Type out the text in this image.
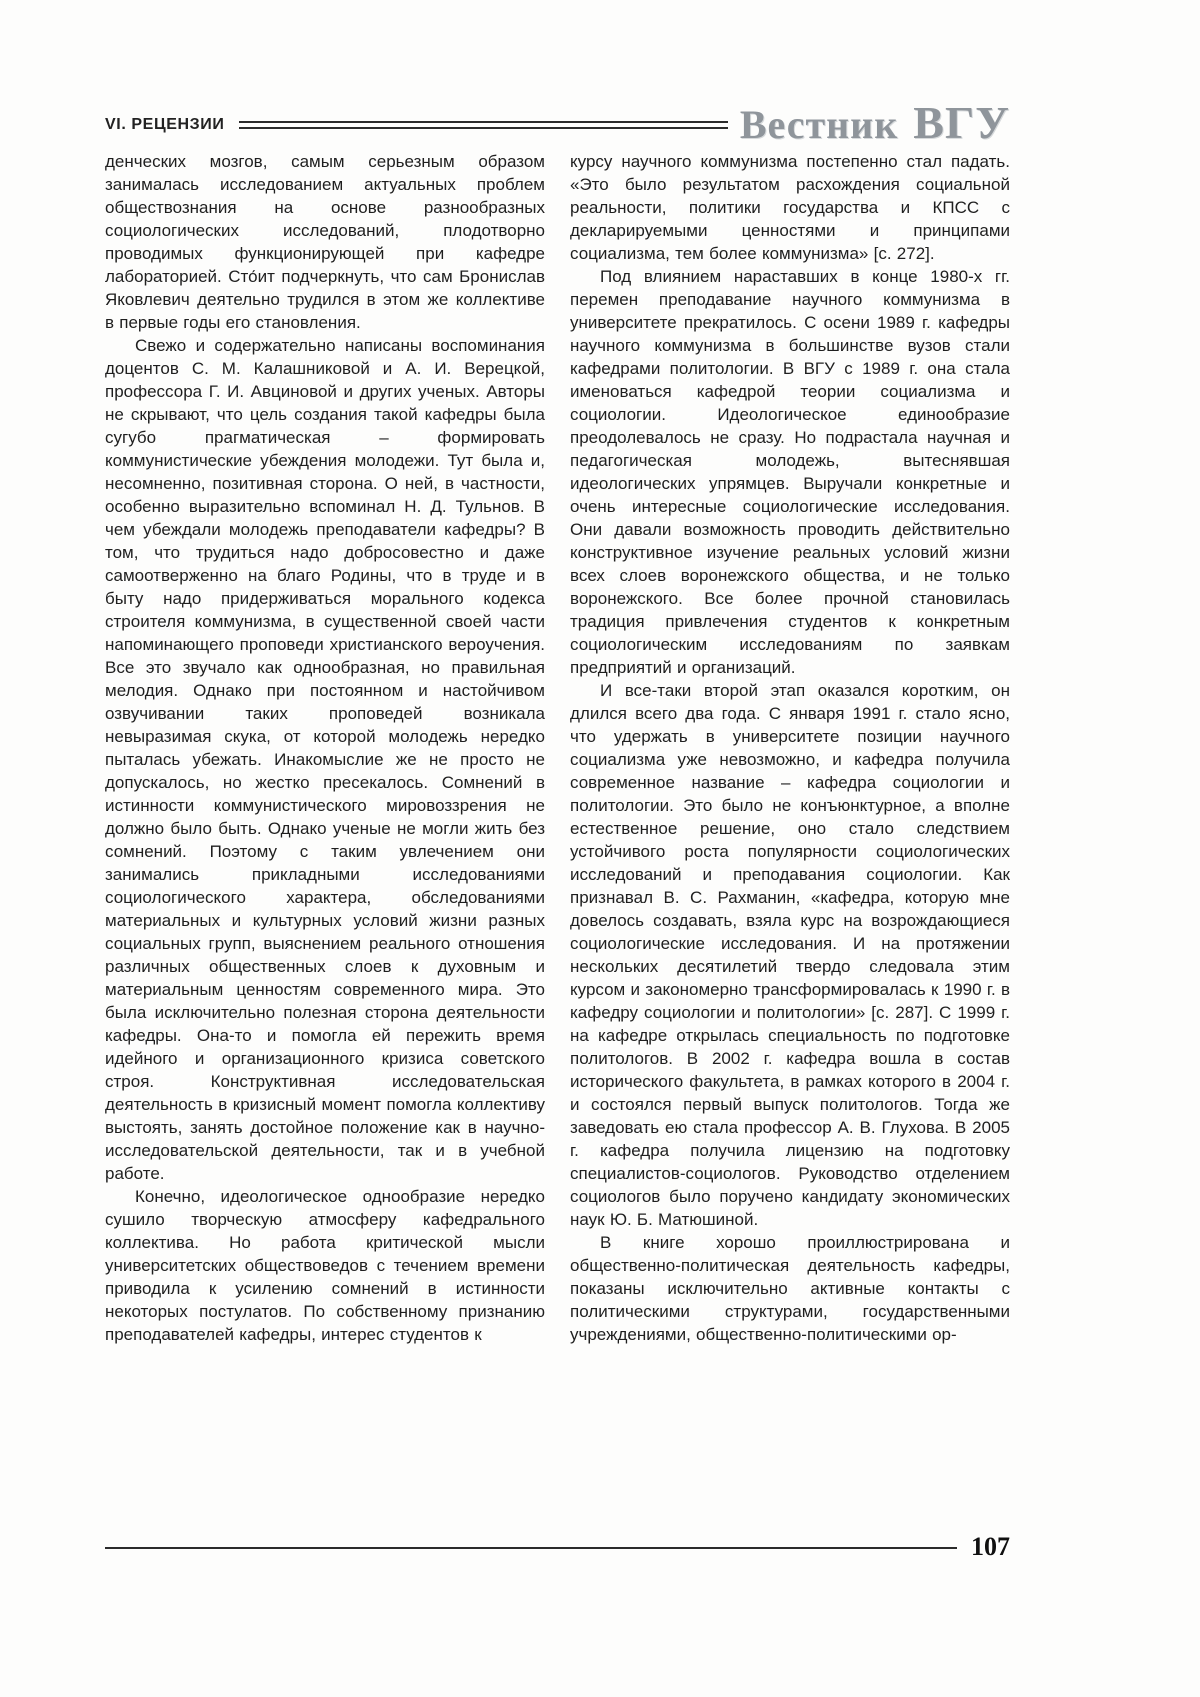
VI. РЕЦЕНЗИИ	Вестник ВГУ

денческих мозгов, самым серьезным образом занималась исследованием актуальных проблем обществознания на основе разнообразных социологических исследований, плодотворно проводимых функционирующей при кафедре лабораторией. Сто́ит подчеркнуть, что сам Бронислав Яковлевич деятельно трудился в этом же коллективе в первые годы его становления.

Свежо и содержательно написаны воспоминания доцентов С. М. Калашниковой и А. И. Верецкой, профессора Г. И. Авциновой и других ученых. Авторы не скрывают, что цель создания такой кафедры была сугубо прагматическая – формировать коммунистические убеждения молодежи. Тут была и, несомненно, позитивная сторона. О ней, в частности, особенно выразительно вспоминал Н. Д. Тульнов. В чем убеждали молодежь преподаватели кафедры? В том, что трудиться надо добросовестно и даже самоотверженно на благо Родины, что в труде и в быту надо придерживаться морального кодекса строителя коммунизма, в существенной своей части напоминающего проповеди христианского вероучения. Все это звучало как однообразная, но правильная мелодия. Однако при постоянном и настойчивом озвучивании таких проповедей возникала невыразимая скука, от которой молодежь нередко пыталась убежать. Инакомыслие же не просто не допускалось, но жестко пресекалось. Сомнений в истинности коммунистического мировоззрения не должно было быть. Однако ученые не могли жить без сомнений. Поэтому с таким увлечением они занимались прикладными исследованиями социологического характера, обследованиями материальных и культурных условий жизни разных социальных групп, выяснением реального отношения различных общественных слоев к духовным и материальным ценностям современного мира. Это была исключительно полезная сторона деятельности кафедры. Она-то и помогла ей пережить время идейного и организационного кризиса советского строя. Конструктивная исследовательская деятельность в кризисный момент помогла коллективу выстоять, занять достойное положение как в научно-исследовательской деятельности, так и в учебной работе.

Конечно, идеологическое однообразие нередко сушило творческую атмосферу кафедрального коллектива. Но работа критической мысли университетских обществоведов с течением времени приводила к усилению сомнений в истинности некоторых постулатов. По собственному признанию преподавателей кафедры, интерес студентов к

курсу научного коммунизма постепенно стал падать. «Это было результатом расхождения социальной реальности, политики государства и КПСС с декларируемыми ценностями и принципами социализма, тем более коммунизма» [с. 272].

Под влиянием нараставших в конце 1980-х гг. перемен преподавание научного коммунизма в университете прекратилось. С осени 1989 г. кафедры научного коммунизма в большинстве вузов стали кафедрами политологии. В ВГУ с 1989 г. она стала именоваться кафедрой теории социализма и социологии. Идеологическое единообразие преодолевалось не сразу. Но подрастала научная и педагогическая молодежь, вытеснявшая идеологических упрямцев. Выручали конкретные и очень интересные социологические исследования. Они давали возможность проводить действительно конструктивное изучение реальных условий жизни всех слоев воронежского общества, и не только воронежского. Все более прочной становилась традиция привлечения студентов к конкретным социологическим исследованиям по заявкам предприятий и организаций.

И все-таки второй этап оказался коротким, он длился всего два года. С января 1991 г. стало ясно, что удержать в университете позиции научного социализма уже невозможно, и кафедра получила современное название – кафедра социологии и политологии. Это было не конъюнктурное, а вполне естественное решение, оно стало следствием устойчивого роста популярности социологических исследований и преподавания социологии. Как признавал В. С. Рахманин, «кафедра, которую мне довелось создавать, взяла курс на возрождающиеся социологические исследования. И на протяжении нескольких десятилетий твердо следовала этим курсом и закономерно трансформировалась к 1990 г. в кафедру социологии и политологии» [с. 287]. С 1999 г. на кафедре открылась специальность по подготовке политологов. В 2002 г. кафедра вошла в состав исторического факультета, в рамках которого в 2004 г. и состоялся первый выпуск политологов. Тогда же заведовать ею стала профессор А. В. Глухова. В 2005 г. кафедра получила лицензию на подготовку специалистов-социологов. Руководство отделением социологов было поручено кандидату экономических наук Ю. Б. Матюшиной.

В книге хорошо проиллюстрирована и общественно-политическая деятельность кафедры, показаны исключительно активные контакты с политическими структурами, государственными учреждениями, общественно-политическими ор-

107
